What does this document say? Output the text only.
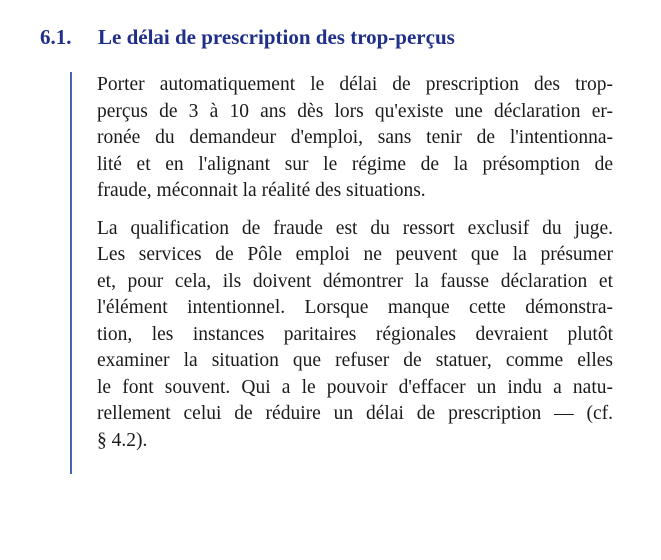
6.1. Le délai de prescription des trop-perçus
Porter automatiquement le délai de prescription des trop-
perçus de 3 à 10 ans dès lors qu'existe une déclaration er-
ronée du demandeur d'emploi, sans tenir de l'intentionna-
lité et en l'alignant sur le régime de la présomption de
fraude, méconnait la réalité des situations.
La qualification de fraude est du ressort exclusif du juge.
Les services de Pôle emploi ne peuvent que la présumer
et, pour cela, ils doivent démontrer la fausse déclaration et
l'élément intentionnel. Lorsque manque cette démonstra-
tion, les instances paritaires régionales devraient plutôt
examiner la situation que refuser de statuer, comme elles
le font souvent. Qui a le pouvoir d'effacer un indu a natu-
rellement celui de réduire un délai de prescription — (cf.
§ 4.2).
